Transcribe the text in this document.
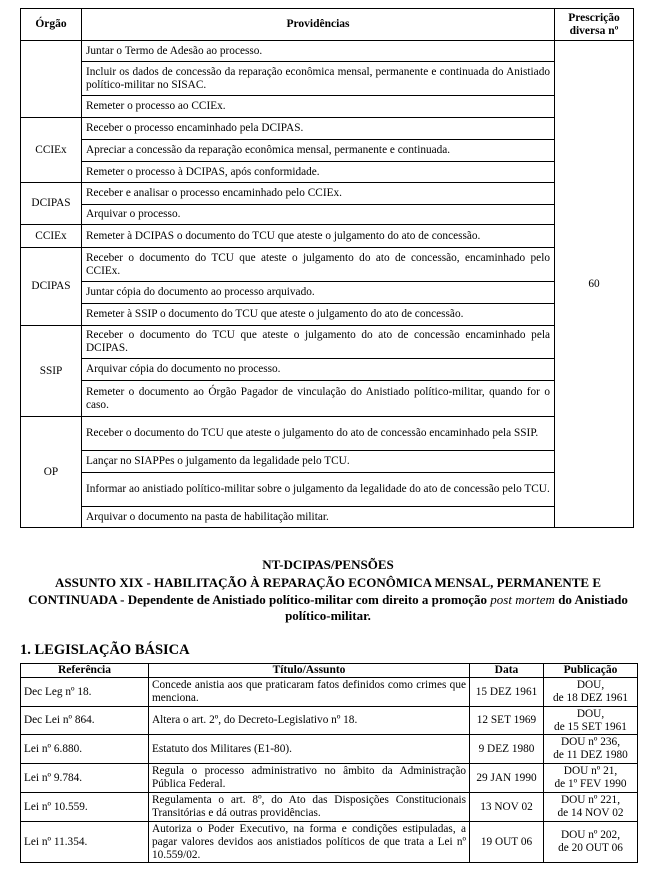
Órgão	Providências	Prescrição diversa nº
	Juntar o Termo de Adesão ao processo.	60
	Incluir os dados de concessão da reparação econômica mensal, permanente e continuada do Anistiado político-militar no SISAC.	
	Remeter o processo ao CCIEx.	
CCIEx	Receber o processo encaminhado pela DCIPAS.	
	Apreciar a concessão da reparação econômica mensal, permanente e continuada.	
	Remeter o processo à DCIPAS, após conformidade.	
DCIPAS	Receber e analisar o processo encaminhado pelo CCIEx.	
	Arquivar o processo.	
CCIEx	Remeter à DCIPAS o documento do TCU que ateste o julgamento do ato de concessão.	
DCIPAS	Receber o documento do TCU que ateste o julgamento do ato de concessão, encaminhado pelo CCIEx.	
	Juntar cópia do documento ao processo arquivado.	
	Remeter à SSIP o documento do TCU que ateste o julgamento do ato de concessão.	
SSIP	Receber o documento do TCU que ateste o julgamento do ato de concessão encaminhado pela DCIPAS.	
	Arquivar cópia do documento no processo.	
	Remeter o documento ao Órgão Pagador de vinculação do Anistiado político-militar, quando for o caso.	
OP	Receber o documento do TCU que ateste o julgamento do ato de concessão encaminhado pela SSIP.	
	Lançar no SIAPPes o julgamento da legalidade pelo TCU.	
	Informar ao anistiado político-militar sobre o julgamento da legalidade do ato de concessão pelo TCU.	
	Arquivar o documento na pasta de habilitação militar.	
NT-DCIPAS/PENSÕES
ASSUNTO XIX - HABILITAÇÃO À REPARAÇÃO ECONÔMICA MENSAL, PERMANENTE E CONTINUADA - Dependente de Anistiado político-militar com direito a promoção post mortem do Anistiado político-militar.
1. LEGISLAÇÃO BÁSICA
Referência	Título/Assunto	Data	Publicação
Dec Leg nº 18.	Concede anistia aos que praticaram fatos definidos como crimes que menciona.	15 DEZ 1961	DOU,
de 18 DEZ 1961
Dec Lei nº 864.	Altera o art. 2º, do Decreto-Legislativo nº 18.	12 SET 1969	DOU,
de 15 SET 1961
Lei nº 6.880.	Estatuto dos Militares (E1-80).	9 DEZ 1980	DOU nº 236,
de 11 DEZ 1980
Lei nº 9.784.	Regula o processo administrativo no âmbito da Administração Pública Federal.	29 JAN 1990	DOU nº 21,
de 1º FEV 1990
Lei nº 10.559.	Regulamenta o art. 8º, do Ato das Disposições Constitucionais Transitórias e dá outras providências.	13 NOV 02	DOU nº 221,
de 14 NOV 02
Lei nº 11.354.	Autoriza o Poder Executivo, na forma e condições estipuladas, a pagar valores devidos aos anistiados políticos de que trata a Lei nº 10.559/02.	19 OUT 06	DOU nº 202,
de 20 OUT 06
